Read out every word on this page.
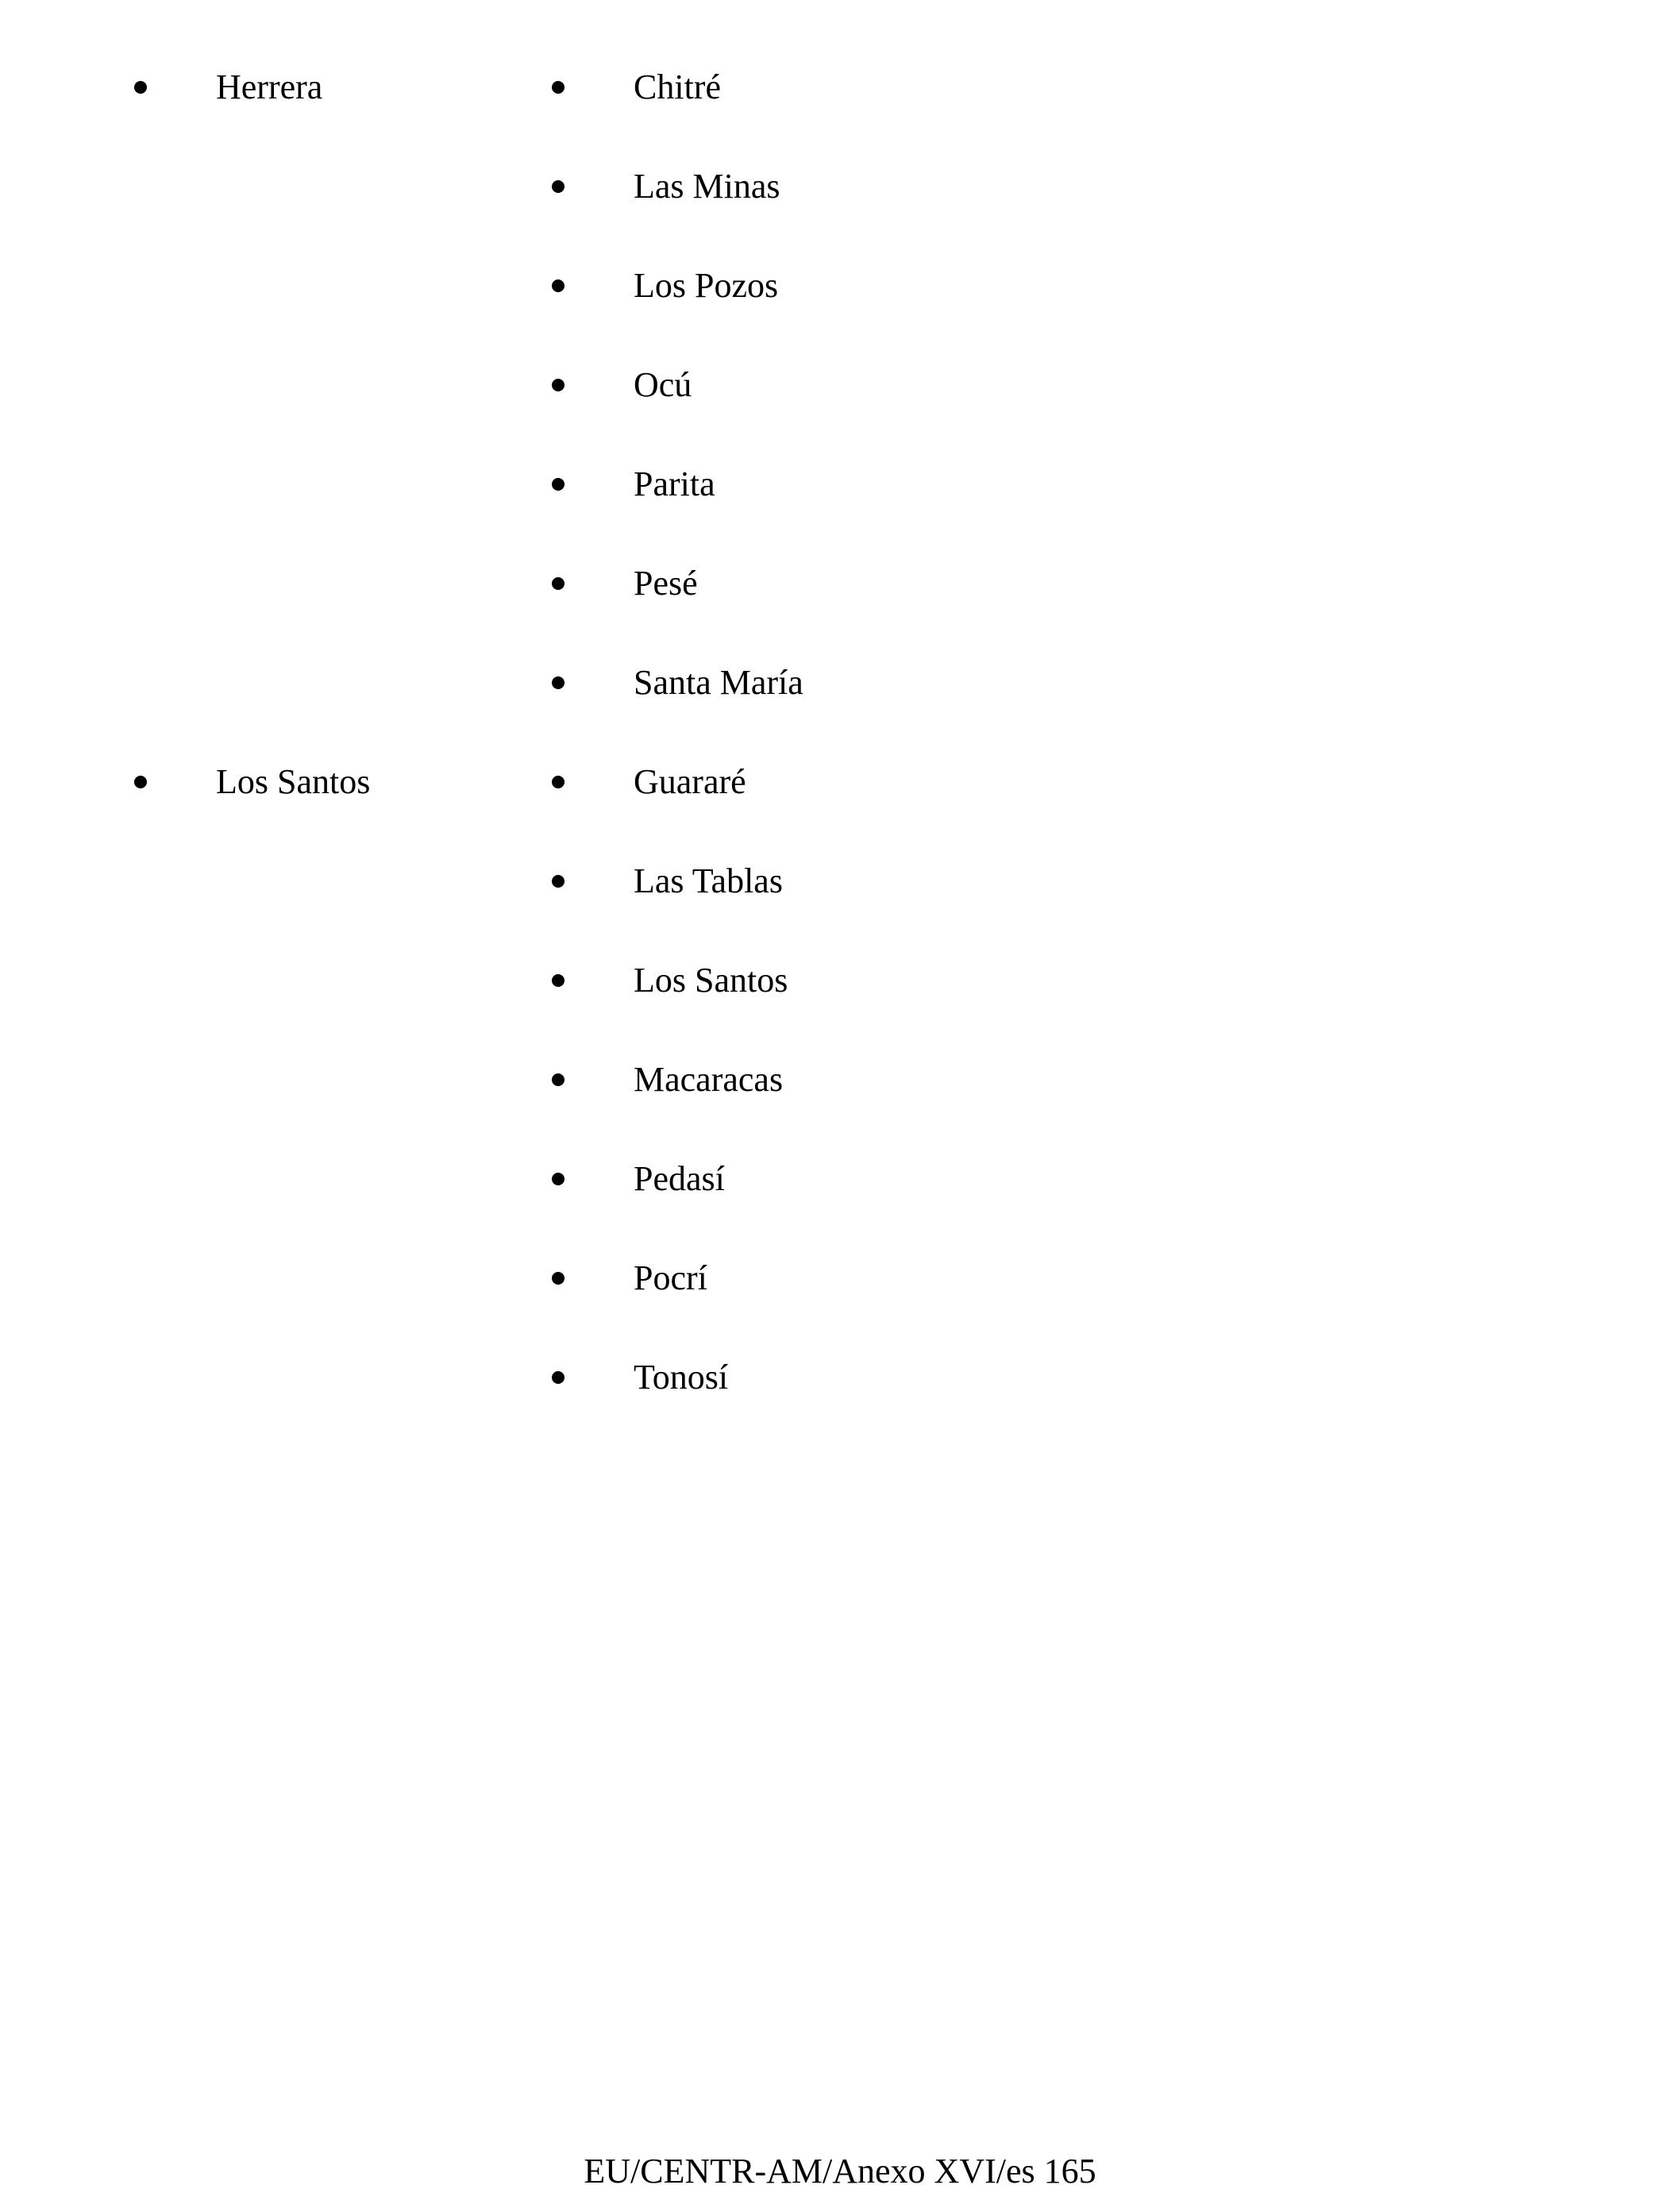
Herrera	Chitré
Las Minas
Los Pozos
Ocú
Parita
Pesé
Santa María
Los Santos	Guararé
Las Tablas
Los Santos
Macaracas
Pedasí
Pocrí
Tonosí
EU/CENTR-AM/Anexo XVI/es 165
